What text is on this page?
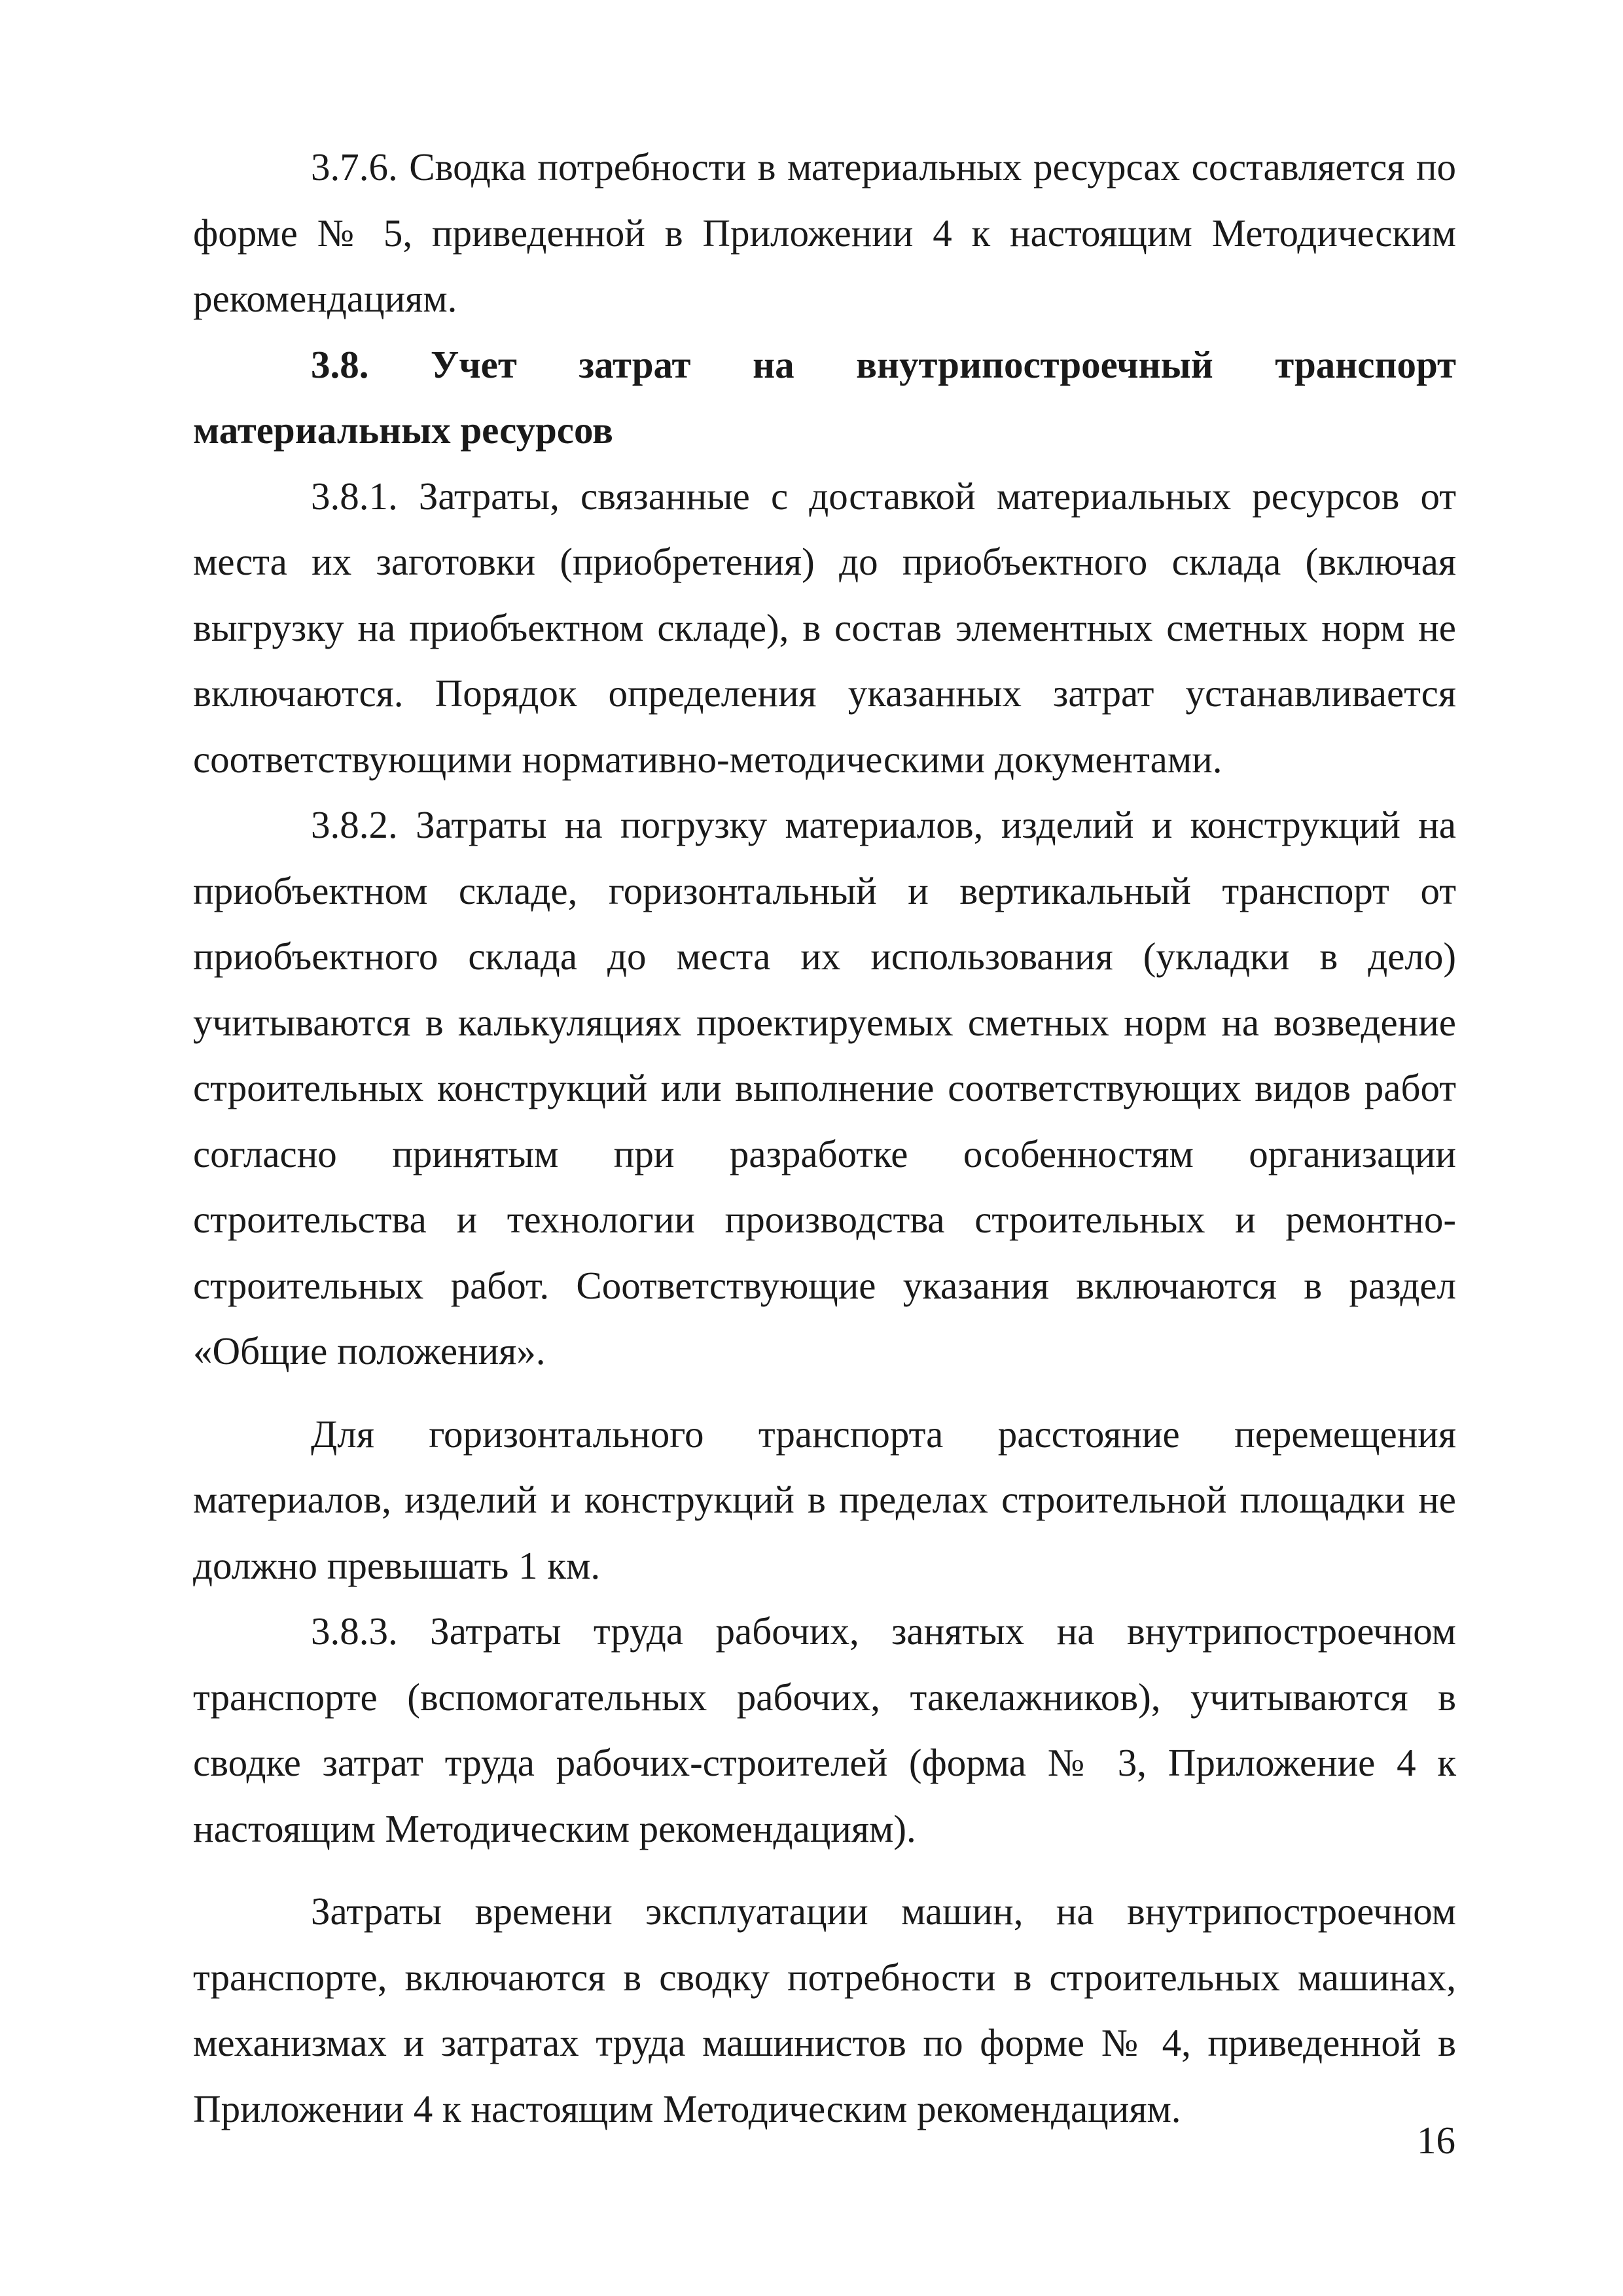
3.7.6. Сводка потребности в материальных ресурсах составляется по форме № 5, приведенной в Приложении 4 к настоящим Методическим рекомендациям.

3.8. Учет затрат на внутрипостроечный транспорт материальных ресурсов

3.8.1. Затраты, связанные с доставкой материальных ресурсов от места их заготовки (приобретения) до приобъектного склада (включая выгрузку на приобъектном складе), в состав элементных сметных норм не включаются. Порядок определения указанных затрат устанавливается соответствующими нормативно-методическими документами.

3.8.2. Затраты на погрузку материалов, изделий и конструкций на приобъектном складе, горизонтальный и вертикальный транспорт от приобъектного склада до места их использования (укладки в дело) учитываются в калькуляциях проектируемых сметных норм на возведение строительных конструкций или выполнение соответствующих видов работ согласно принятым при разработке особенностям организации строительства и технологии производства строительных и ремонтно-строительных работ. Соответствующие указания включаются в раздел «Общие положения».

Для горизонтального транспорта расстояние перемещения материалов, изделий и конструкций в пределах строительной площадки не должно превышать 1 км.

3.8.3. Затраты труда рабочих, занятых на внутрипостроечном транспорте (вспомогательных рабочих, такелажников), учитываются в сводке затрат труда рабочих-строителей (форма № 3, Приложение 4 к настоящим Методическим рекомендациям).

Затраты времени эксплуатации машин, на внутрипостроечном транспорте, включаются в сводку потребности в строительных машинах, механизмах и затратах труда машинистов по форме № 4, приведенной в Приложении 4 к настоящим Методическим рекомендациям.

16
